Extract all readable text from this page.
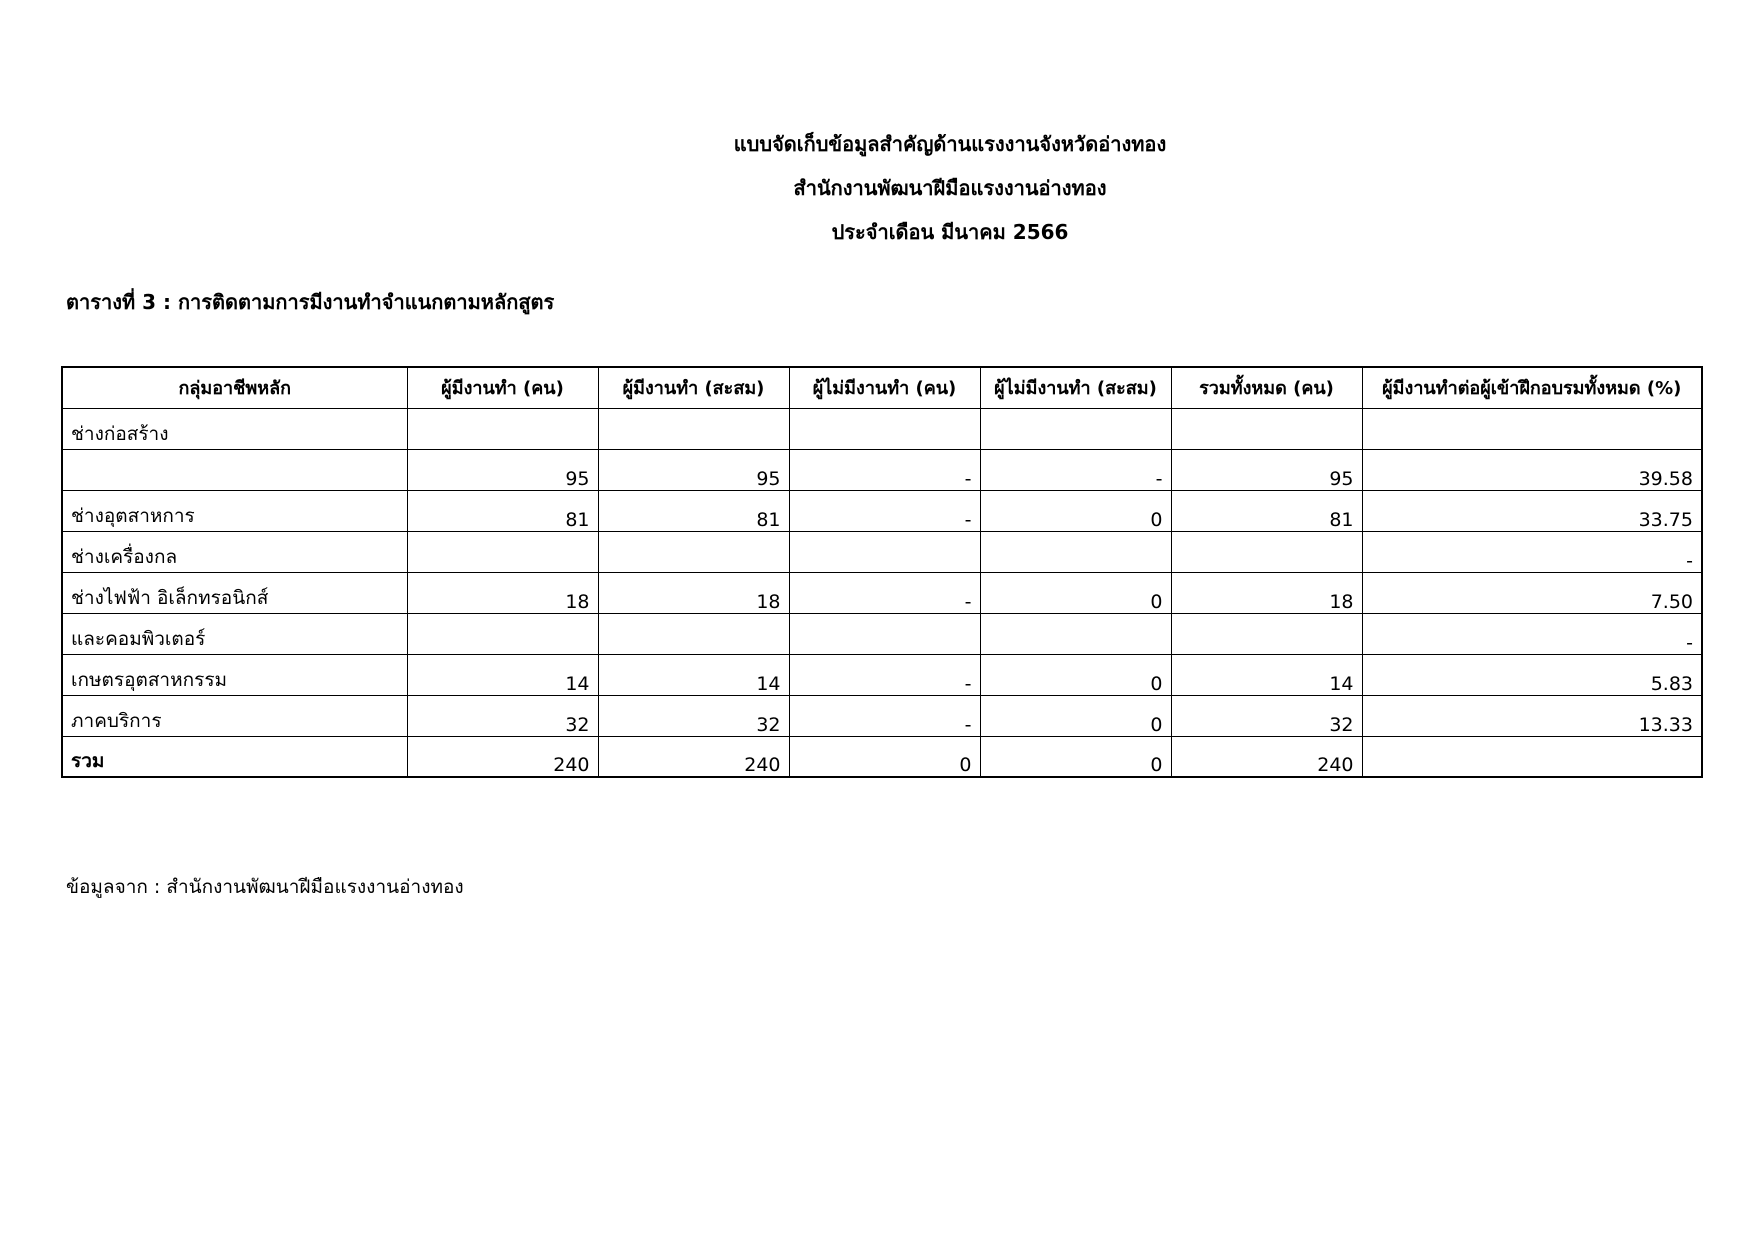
แบบจัดเก็บข้อมูลสำคัญด้านแรงงานจังหวัดอ่างทอง
สำนักงานพัฒนาฝีมือแรงงานอ่างทอง
ประจำเดือน มีนาคม 2566
ตารางที่ 3 : การติดตามการมีงานทำจำแนกตามหลักสูตร
กลุ่มอาชีพหลัก	ผู้มีงานทำ (คน)	ผู้มีงานทำ (สะสม)	ผู้ไม่มีงานทำ (คน)	ผู้ไม่มีงานทำ (สะสม)	รวมทั้งหมด (คน)	ผู้มีงานทำต่อผู้เข้าฝึกอบรมทั้งหมด (%)
ช่างก่อสร้าง						
	95	95	-	-	95	39.58
ช่างอุตสาหการ	81	81	-	0	81	33.75
ช่างเครื่องกล						-
ช่างไฟฟ้า อิเล็กทรอนิกส์	18	18	-	0	18	7.50
และคอมพิวเตอร์						-
เกษตรอุตสาหกรรม	14	14	-	0	14	5.83
ภาคบริการ	32	32	-	0	32	13.33
รวม	240	240	0	0	240	
ข้อมูลจาก : สำนักงานพัฒนาฝีมือแรงงานอ่างทอง
